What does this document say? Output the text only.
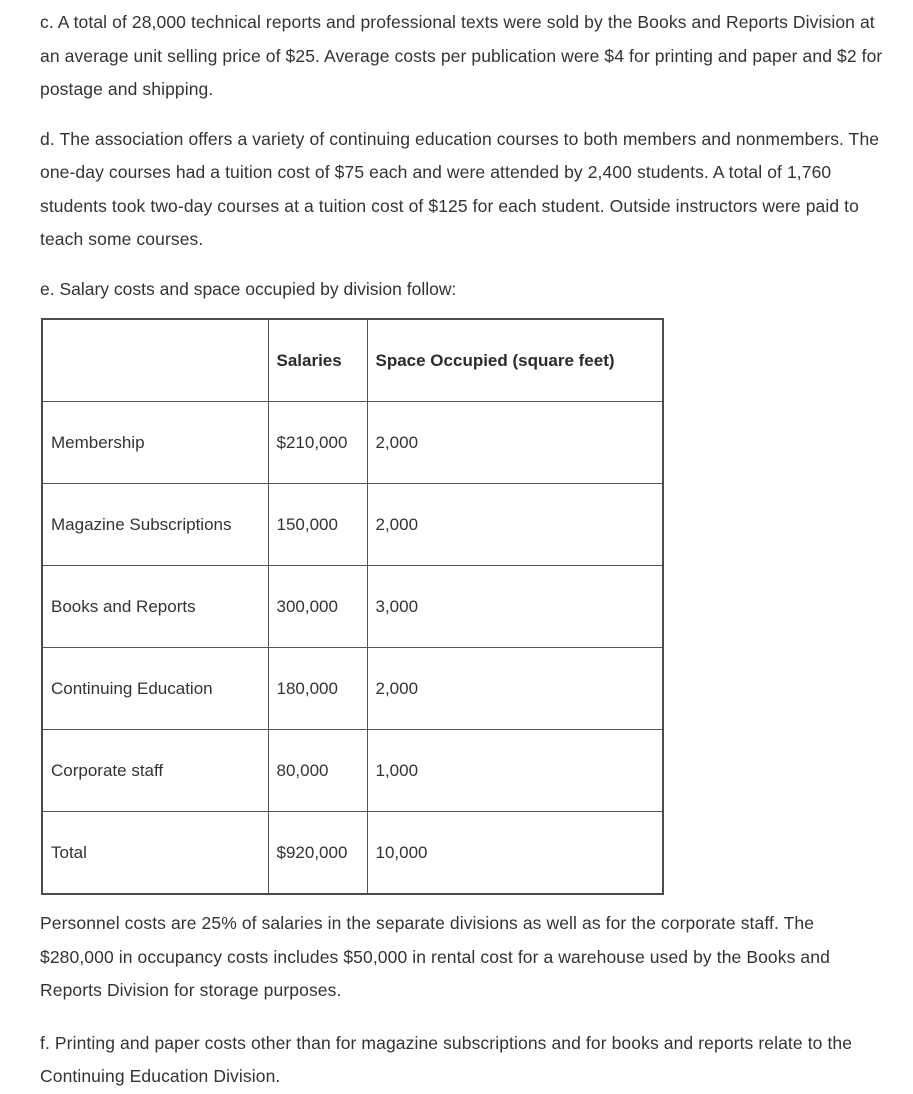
c. A total of 28,000 technical reports and professional texts were sold by the Books and Reports Division at an average unit selling price of $25. Average costs per publication were $4 for printing and paper and $2 for postage and shipping.

d. The association offers a variety of continuing education courses to both members and nonmembers. The one-day courses had a tuition cost of $75 each and were attended by 2,400 students. A total of 1,760 students took two-day courses at a tuition cost of $125 for each student. Outside instructors were paid to teach some courses.

e. Salary costs and space occupied by division follow:

	Salaries	Space Occupied (square feet)
Membership	$210,000	2,000
Magazine Subscriptions	150,000	2,000
Books and Reports	300,000	3,000
Continuing Education	180,000	2,000
Corporate staff	80,000	1,000
Total	$920,000	10,000

Personnel costs are 25% of salaries in the separate divisions as well as for the corporate staff. The $280,000 in occupancy costs includes $50,000 in rental cost for a warehouse used by the Books and Reports Division for storage purposes.

f. Printing and paper costs other than for magazine subscriptions and for books and reports relate to the Continuing Education Division.
